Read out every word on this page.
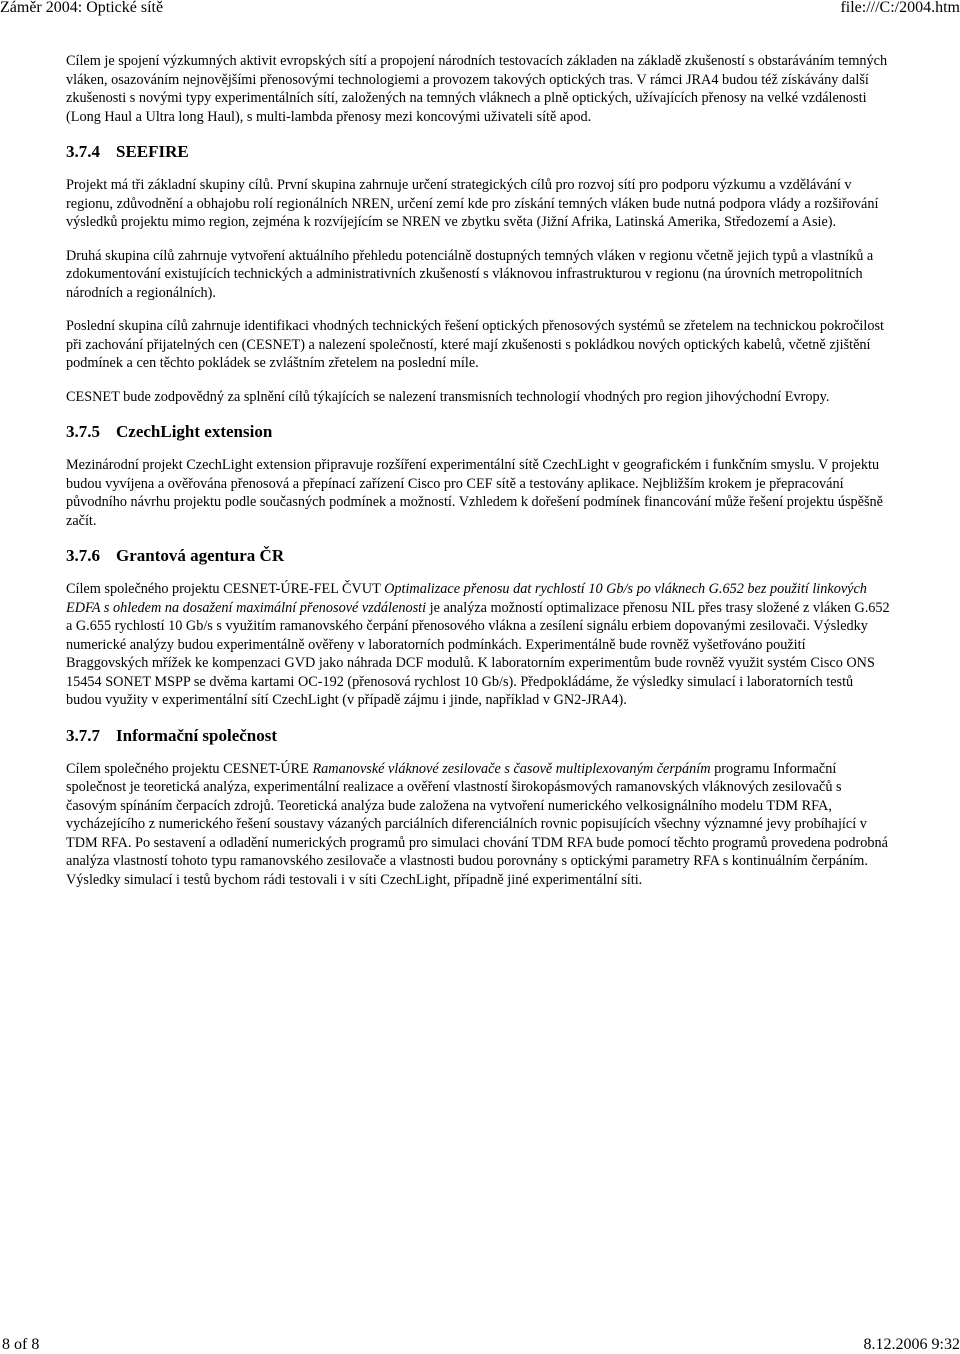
Záměr 2004: Optické sítě	file:///C:/2004.htm

Cílem je spojení výzkumných aktivit evropských sítí a propojení národních testovacích základen na základě zkušeností s obstaráváním temných vláken, osazováním nejnovějšími přenosovými technologiemi a provozem takových optických tras. V rámci JRA4 budou též získávány další zkušenosti s novými typy experimentálních sítí, založených na temných vláknech a plně optických, užívajících přenosy na velké vzdálenosti (Long Haul a Ultra long Haul), s multi-lambda přenosy mezi koncovými uživateli sítě apod.

3.7.4 SEEFIRE

Projekt má tři základní skupiny cílů. První skupina zahrnuje určení strategických cílů pro rozvoj sítí pro podporu výzkumu a vzdělávání v regionu, zdůvodnění a obhajobu rolí regionálních NREN, určení zemí kde pro získání temných vláken bude nutná podpora vlády a rozšiřování výsledků projektu mimo region, zejména k rozvíjejícím se NREN ve zbytku světa (Jižní Afrika, Latinská Amerika, Středozemí a Asie).

Druhá skupina cílů zahrnuje vytvoření aktuálního přehledu potenciálně dostupných temných vláken v regionu včetně jejich typů a vlastníků a zdokumentování existujících technických a administrativních zkušeností s vláknovou infrastrukturou v regionu (na úrovních metropolitních národních a regionálních).

Poslední skupina cílů zahrnuje identifikaci vhodných technických řešení optických přenosových systémů se zřetelem na technickou pokročilost při zachování přijatelných cen (CESNET) a nalezení společností, které mají zkušenosti s pokládkou nových optických kabelů, včetně zjištění podmínek a cen těchto pokládek se zvláštním zřetelem na poslední míle.

CESNET bude zodpovědný za splnění cílů týkajících se nalezení transmisních technologií vhodných pro region jihovýchodní Evropy.

3.7.5 CzechLight extension

Mezinárodní projekt CzechLight extension připravuje rozšíření experimentální sítě CzechLight v geografickém i funkčním smyslu. V projektu budou vyvíjena a ověřována přenosová a přepínací zařízení Cisco pro CEF sítě a testovány aplikace. Nejbližším krokem je přepracování původního návrhu projektu podle současných podmínek a možností. Vzhledem k dořešení podmínek financování může řešení projektu úspěšně začít.

3.7.6 Grantová agentura ČR

Cílem společného projektu CESNET-ÚRE-FEL ČVUT Optimalizace přenosu dat rychlostí 10 Gb/s po vláknech G.652 bez použití linkových EDFA s ohledem na dosažení maximální přenosové vzdálenosti je analýza možností optimalizace přenosu NIL přes trasy složené z vláken G.652 a G.655 rychlostí 10 Gb/s s využitím ramanovského čerpání přenosového vlákna a zesílení signálu erbiem dopovanými zesilovači. Výsledky numerické analýzy budou experimentálně ověřeny v laboratorních podmínkách. Experimentálně bude rovněž vyšetřováno použití Braggovských mřížek ke kompenzaci GVD jako náhrada DCF modulů. K laboratorním experimentům bude rovněž využit systém Cisco ONS 15454 SONET MSPP se dvěma kartami OC-192 (přenosová rychlost 10 Gb/s). Předpokládáme, že výsledky simulací i laboratorních testů budou využity v experimentální sítí CzechLight (v případě zájmu i jinde, například v GN2-JRA4).

3.7.7 Informační společnost

Cílem společného projektu CESNET-ÚRE Ramanovské vláknové zesilovače s časově multiplexovaným čerpáním programu Informační společnost je teoretická analýza, experimentální realizace a ověření vlastností širokopásmových ramanovských vláknových zesilovačů s časovým spínáním čerpacích zdrojů. Teoretická analýza bude založena na vytvoření numerického velkosignálního modelu TDM RFA, vycházejícího z numerického řešení soustavy vázaných parciálních diferenciálních rovnic popisujících všechny významné jevy probíhající v TDM RFA. Po sestavení a odladění numerických programů pro simulaci chování TDM RFA bude pomocí těchto programů provedena podrobná analýza vlastností tohoto typu ramanovského zesilovače a vlastnosti budou porovnány s optickými parametry RFA s kontinuálním čerpáním. Výsledky simulací i testů bychom rádi testovali i v síti CzechLight, případně jiné experimentální síti.

8 of 8	8.12.2006 9:32
